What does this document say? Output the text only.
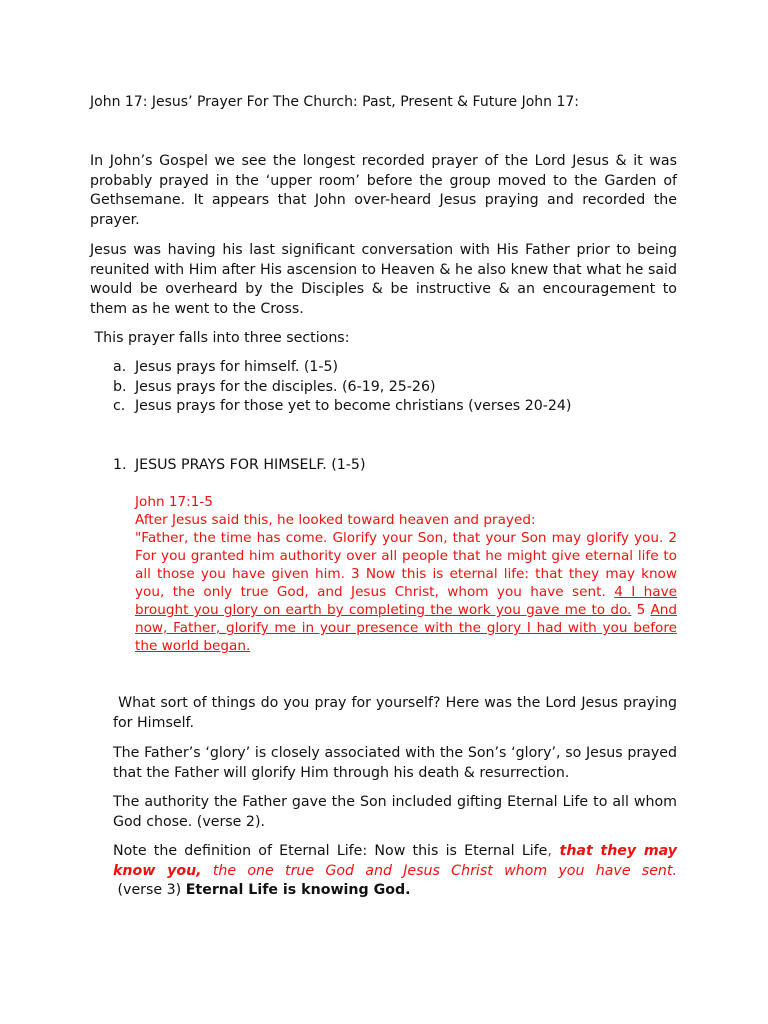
John 17: Jesus’ Prayer For The Church: Past, Present & Future John 17:
In John’s Gospel we see the longest recorded prayer of the Lord Jesus & it was probably prayed in the ‘upper room’ before the group moved to the Garden of Gethsemane. It appears that John over-heard Jesus praying and recorded the prayer.
Jesus was having his last significant conversation with His Father prior to being reunited with Him after His ascension to Heaven & he also knew that what he said would be overheard by the Disciples & be instructive & an encouragement to them as he went to the Cross.
This prayer falls into three sections:
a. Jesus prays for himself. (1-5)
b. Jesus prays for the disciples. (6-19, 25-26)
c. Jesus prays for those yet to become christians (verses 20-24)
1. JESUS PRAYS FOR HIMSELF. (1-5)
John 17:1-5
After Jesus said this, he looked toward heaven and prayed:
"Father, the time has come. Glorify your Son, that your Son may glorify you. 2 For you granted him authority over all people that he might give eternal life to all those you have given him. 3 Now this is eternal life: that they may know you, the only true God, and Jesus Christ, whom you have sent. 4 I have brought you glory on earth by completing the work you gave me to do. 5 And now, Father, glorify me in your presence with the glory I had with you before the world began.
What sort of things do you pray for yourself? Here was the Lord Jesus praying for Himself.
The Father’s ‘glory’ is closely associated with the Son’s ‘glory’, so Jesus prayed that the Father will glorify Him through his death & resurrection.
The authority the Father gave the Son included gifting Eternal Life to all whom God chose. (verse 2).
Note the definition of Eternal Life: Now this is Eternal Life, that they may know you, the one true God and Jesus Christ whom you have sent. (verse 3) Eternal Life is knowing God.
